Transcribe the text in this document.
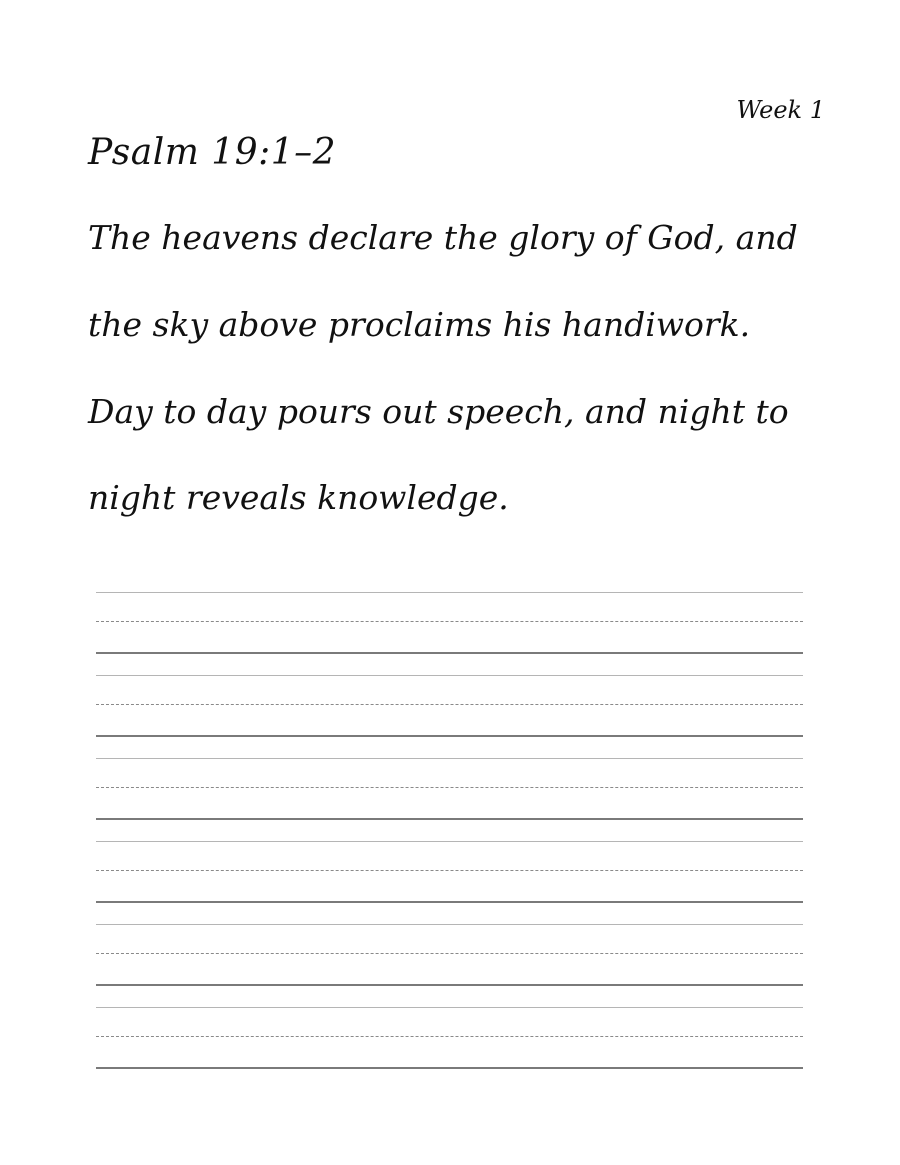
Week 1
Psalm 19:1–2
The heavens declare the glory of God, and
the sky above proclaims his handiwork.
Day to day pours out speech, and night to
night reveals knowledge.
